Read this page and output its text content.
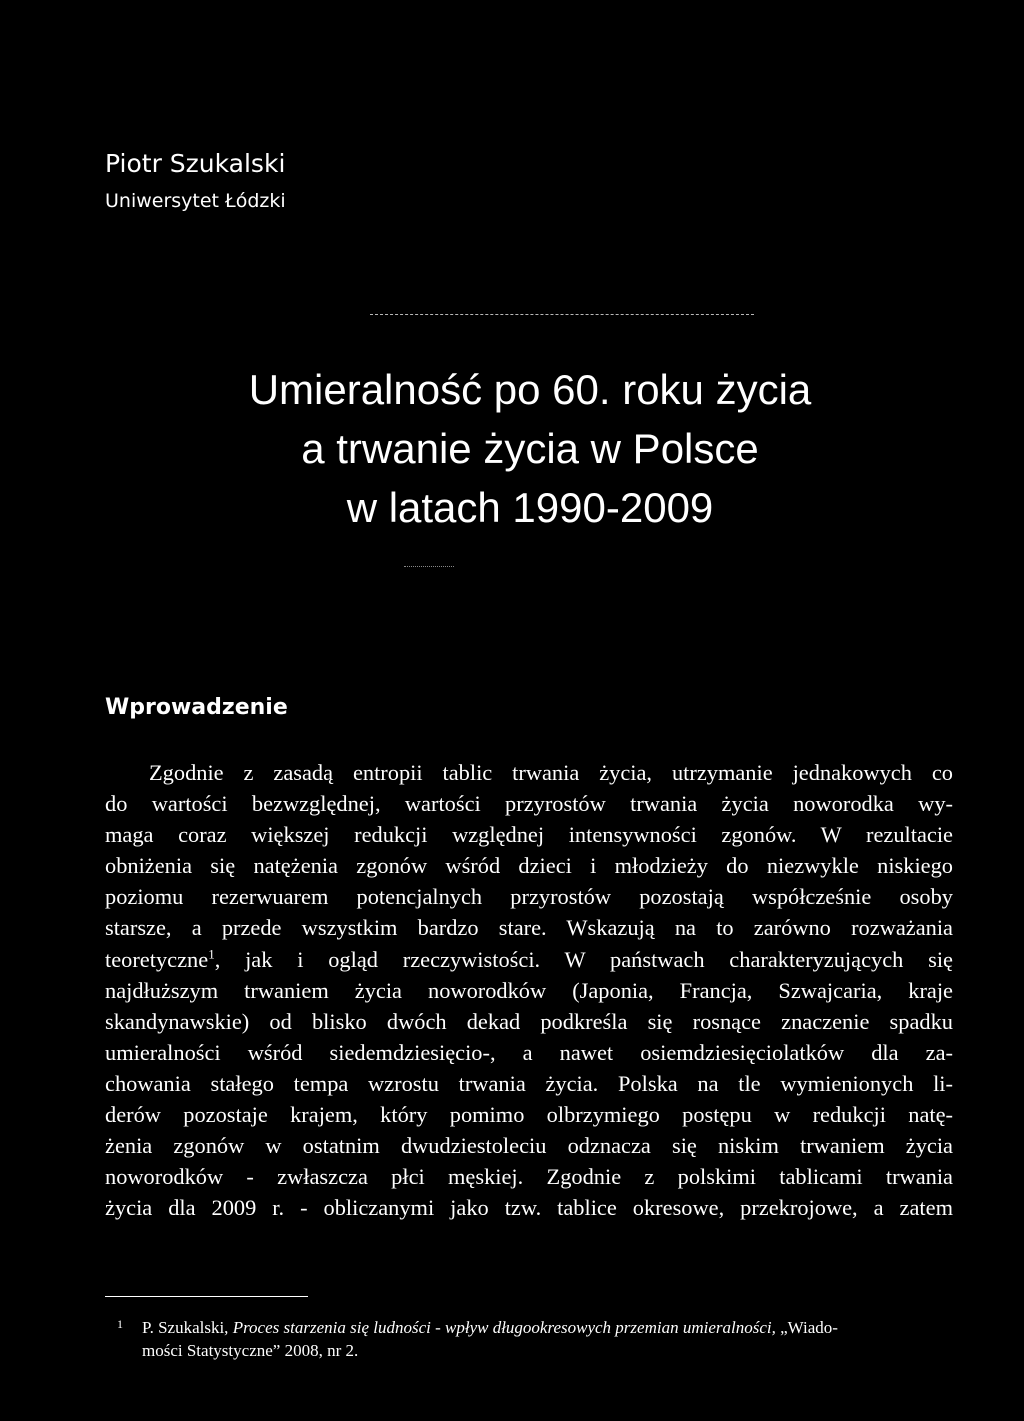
Piotr Szukalski
Uniwersytet Łódzki
Umieralność po 60. roku życia
a trwanie życia w Polsce
w latach 1990-2009
Wprowadzenie
Zgodnie z zasadą entropii tablic trwania życia, utrzymanie jednakowych co
do wartości bezwzględnej, wartości przyrostów trwania życia noworodka wy-
maga coraz większej redukcji względnej intensywności zgonów. W rezultacie
obniżenia się natężenia zgonów wśród dzieci i młodzieży do niezwykle niskiego
poziomu rezerwuarem potencjalnych przyrostów pozostają współcześnie osoby
starsze, a przede wszystkim bardzo stare. Wskazują na to zarówno rozważania
teoretyczne$^1$, jak i ogląd rzeczywistości. W państwach charakteryzujących się
najdłuższym trwaniem życia noworodków (Japonia, Francja, Szwajcaria, kraje
skandynawskie) od blisko dwóch dekad podkreśla się rosnące znaczenie spadku
umieralności wśród siedemdziesięcio-, a nawet osiemdziesięciolatków dla za-
chowania stałego tempa wzrostu trwania życia. Polska na tle wymienionych li-
derów pozostaje krajem, który pomimo olbrzymiego postępu w redukcji natę-
żenia zgonów w ostatnim dwudziestoleciu odznacza się niskim trwaniem życia
noworodków - zwłaszcza płci męskiej. Zgodnie z polskimi tablicami trwania
życia dla 2009 r. - obliczanymi jako tzw. tablice okresowe, przekrojowe, a zatem
1	P. Szukalski, Proces starzenia się ludności - wpływ długookresowych przemian umieralności, „Wiado-
mości Statystyczne” 2008, nr 2.
